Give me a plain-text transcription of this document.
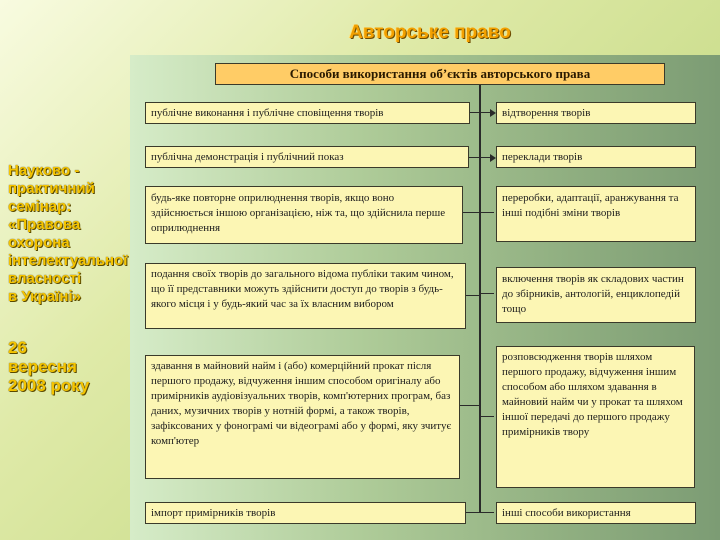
Авторське право
Науково -
практичний
семінар:
«Правова
охорона
інтелектуальної
власності
в Україні»
26
вересня
2008 року
Способи використання об’єктів авторського права
публічне виконання і публічне сповіщення творів
публічна демонстрація і публічний показ
будь-яке повторне оприлюднення творів, якщо воно здійснюється іншою організацією, ніж та, що здійснила перше оприлюднення
подання своїх творів до загального відома публіки таким чином, що її представники можуть здійснити доступ до творів з будь-якого місця і у будь-який час за їх власним вибором
здавання в майновий найм і (або) комерційний прокат після першого продажу, відчуження іншим способом оригіналу або примірників аудіовізуальних творів, комп'ютерних програм, баз даних, музичних творів у нотній формі, а також творів, зафіксованих у фонограмі чи відеограмі або у формі, яку зчитує комп'ютер
імпорт примірників творів
відтворення творів
переклади творів
переробки, адаптації, аранжування та інші подібні зміни творів
включення творів як складових частин до збірників, антологій, енциклопедій тощо
розповсюдження творів шляхом першого продажу, відчуження іншим способом або шляхом здавання в майновий найм чи у прокат та шляхом іншої передачі до першого продажу примірників твору
інші способи використання
